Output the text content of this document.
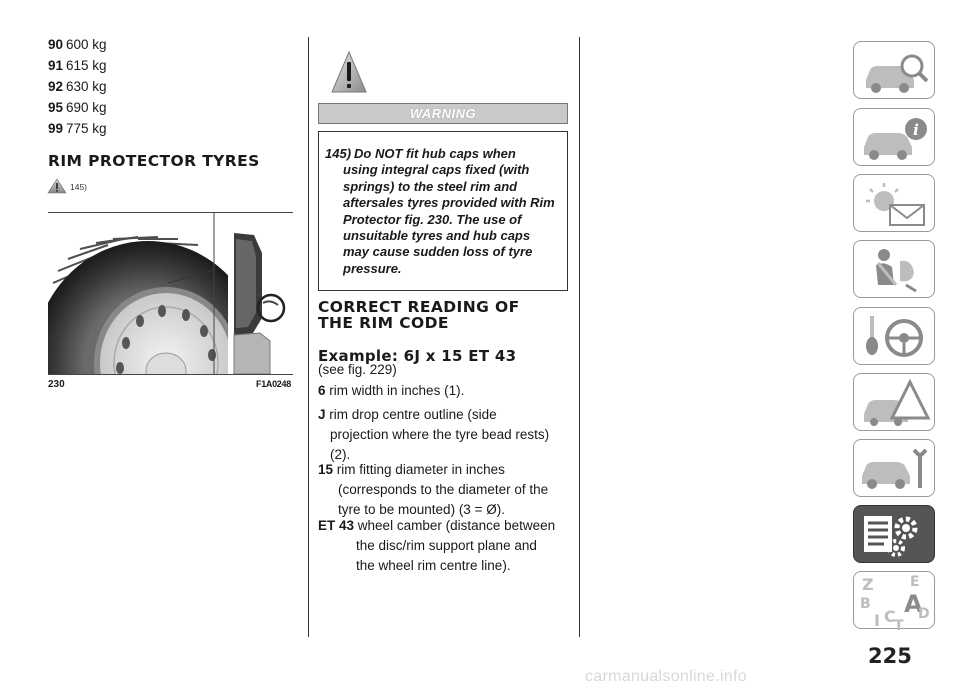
90 600 kg
91 615 kg
92 630 kg
95 690 kg
99 775 kg
RIM PROTECTOR TYRES
145)
230	F1A0248
WARNING
145) Do NOT fit hub caps when
using integral caps fixed (with
springs) to the steel rim and
aftersales tyres provided with Rim
Protector fig. 230. The use of
unsuitable tyres and hub caps
may cause sudden loss of tyre
pressure.
CORRECT READING OF
THE RIM CODE
Example: 6J x 15 ET 43
(see fig. 229)
6 rim width in inches (1).
J rim drop centre outline (side
projection where the tyre bead rests)
(2).
15 rim fitting diameter in inches
(corresponds to the diameter of the
tyre to be mounted) (3 = Ø).
ET 43 wheel camber (distance between
the disc/rim support plane and
the wheel rim centre line).
i
Z	E
B A
I C D
T
225
carmanualsonline.info
